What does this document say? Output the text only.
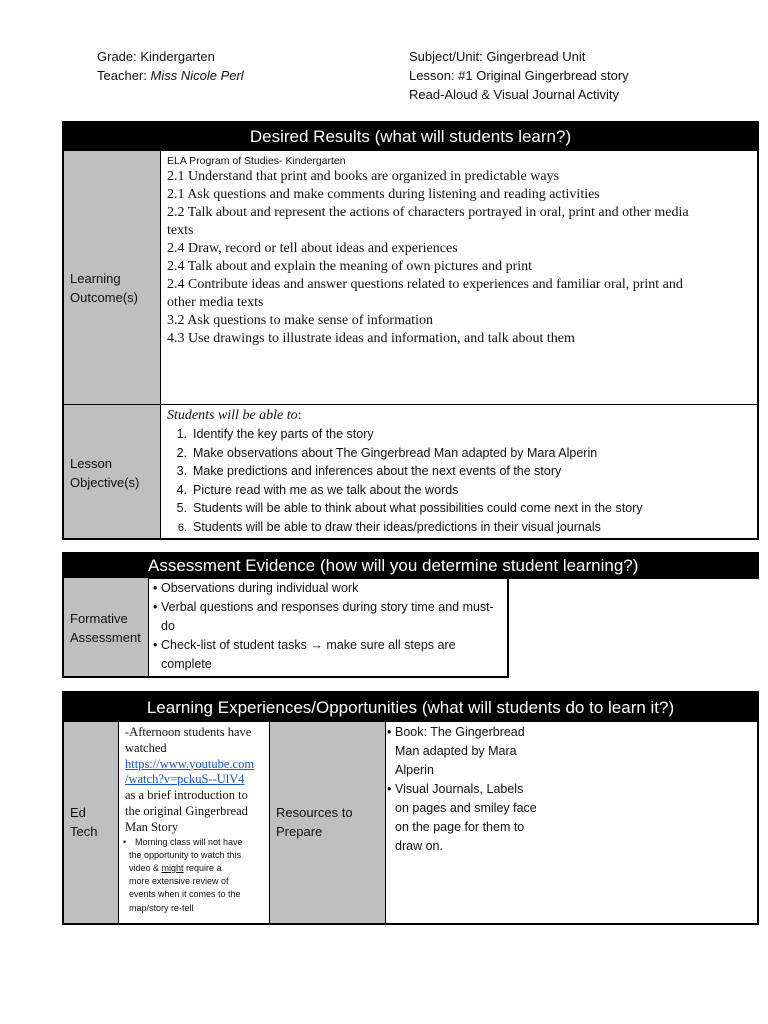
Grade: Kindergarten
Teacher: Miss Nicole Perl
Subject/Unit: Gingerbread Unit
Lesson: #1 Original Gingerbread story
Read-Aloud & Visual Journal Activity
Desired Results (what will students learn?)
Learning
Outcome(s)
ELA Program of Studies- Kindergarten
2.1 Understand that print and books are organized in predictable ways
2.1 Ask questions and make comments during listening and reading activities
2.2 Talk about and represent the actions of characters portrayed in oral, print and other media
texts
2.4 Draw, record or tell about ideas and experiences
2.4 Talk about and explain the meaning of own pictures and print
2.4 Contribute ideas and answer questions related to experiences and familiar oral, print and
other media texts
3.2 Ask questions to make sense of information
4.3 Use drawings to illustrate ideas and information, and talk about them
Lesson
Objective(s)
Students will be able to:
1. Identify the key parts of the story
2. Make observations about The Gingerbread Man adapted by Mara Alperin
3. Make predictions and inferences about the next events of the story
4. Picture read with me as we talk about the words
5. Students will be able to think about what possibilities could come next in the story
6. Students will be able to draw their ideas/predictions in their visual journals
Assessment Evidence (how will you determine student learning?)
Formative
Assessment
• Observations during individual work
• Verbal questions and responses during story time and must-do
• Check-list of student tasks → make sure all steps are complete
Learning Experiences/Opportunities (what will students do to learn it?)
Ed
Tech
-Afternoon students have
watched
https://www.youtube.com
/watch?v=pckuS--UlV4
as a brief introduction to
the original Gingerbread
Man Story
• Morning class will not have
the opportunity to watch this
video & might require a
more extensive review of
events when it comes to the
map/story re-tell
Resources to
Prepare
• Book: The Gingerbread Man adapted by Mara Alperin
• Visual Journals, Labels on pages and smiley face on the page for them to draw on.
